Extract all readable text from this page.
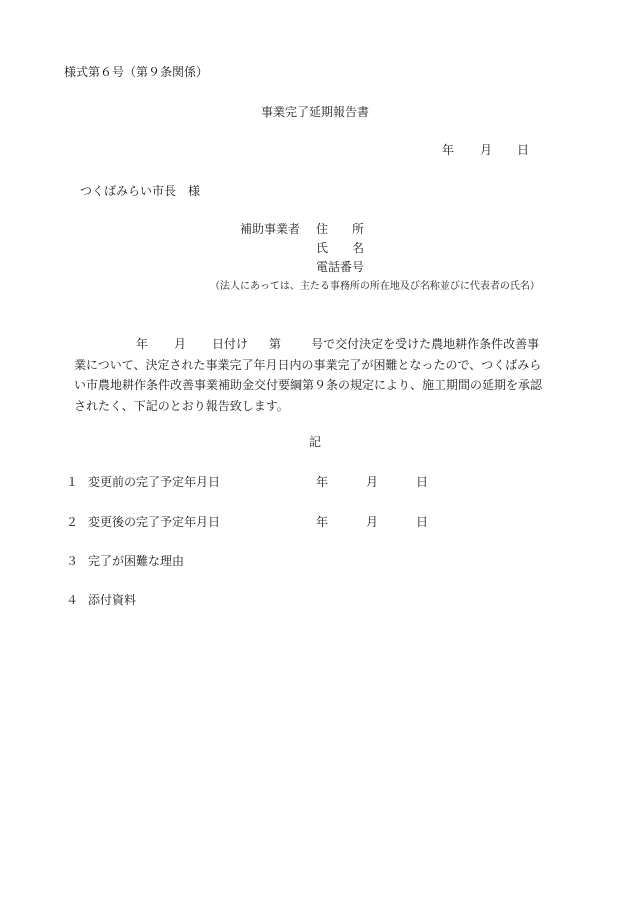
様式第６号（第９条関係）
事業完了延期報告書
年 月 日
つくばみらい市長　様
補助事業者 住　　所
氏　　名
電話番号
（法人にあっては、主たる事務所の所在地及び名称並びに代表者の氏名）
年 月 日付け 第	号で交付決定を受けた農地耕作条件改善事
業について、決定された事業完了年月日内の事業完了が困難となったので、つくばみら
い市農地耕作条件改善事業補助金交付要綱第９条の規定により、施工期間の延期を承認
されたく、下記のとおり報告致します。
記
１ 変更前の完了予定年月日	年	月	日
２ 変更後の完了予定年月日	年	月	日
３ 完了が困難な理由
４ 添付資料
